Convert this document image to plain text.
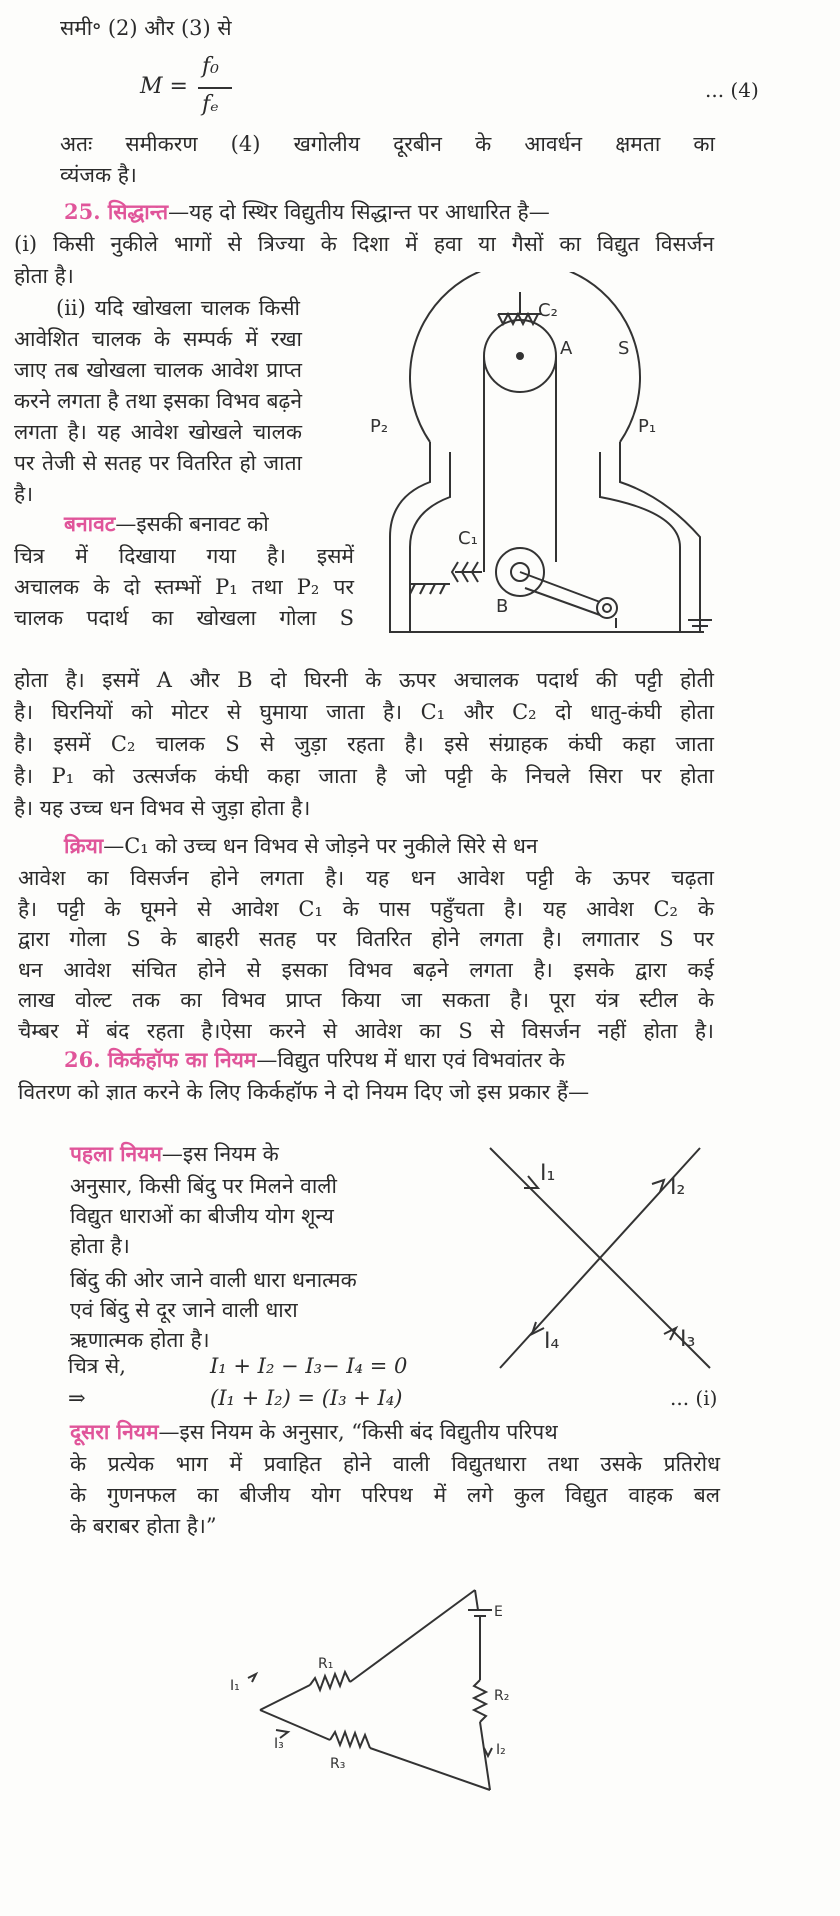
समी॰ (2) और (3) से
M =
f₀
fₑ
... (4)
अतः समीकरण (4) खगोलीय दूरबीन के आवर्धन क्षमता का
व्यंजक है।
25. सिद्धान्त—यह दो स्थिर विद्युतीय सिद्धान्त पर आधारित है—
(i) किसी नुकीले भागों से त्रिज्या के दिशा में हवा या गैसों का विद्युत विसर्जन
होता है।
(ii) यदि खोखला चालक किसी
आवेशित चालक के सम्पर्क में रखा
जाए तब खोखला चालक आवेश प्राप्त
करने लगता है तथा इसका विभव बढ़ने
लगता है। यह आवेश खोखले चालक
पर तेजी से सतह पर वितरित हो जाता
है।
बनावट—इसकी बनावट को
चित्र में दिखाया गया है। इसमें
अचालक के दो स्तम्भों P₁ तथा P₂ पर
चालक पदार्थ का खोखला गोला S
होता है। इसमें A और B दो घिरनी के ऊपर अचालक पदार्थ की पट्टी होती
है। घिरनियों को मोटर से घुमाया जाता है। C₁ और C₂ दो धातु-कंघी होता
है। इसमें C₂ चालक S से जुड़ा रहता है। इसे संग्राहक कंघी कहा जाता
है। P₁ को उत्सर्जक कंघी कहा जाता है जो पट्टी के निचले सिरा पर होता
है। यह उच्च धन विभव से जुड़ा होता है।
क्रिया—C₁ को उच्च धन विभव से जोड़ने पर नुकीले सिरे से धन
आवेश का विसर्जन होने लगता है। यह धन आवेश पट्टी के ऊपर चढ़ता
है। पट्टी के घूमने से आवेश C₁ के पास पहुँचता है। यह आवेश C₂ के
द्वारा गोला S के बाहरी सतह पर वितरित होने लगता है। लगातार S पर
धन आवेश संचित होने से इसका विभव बढ़ने लगता है। इसके द्वारा कई
लाख वोल्ट तक का विभव प्राप्त किया जा सकता है। पूरा यंत्र स्टील के
चैम्बर में बंद रहता है।ऐसा करने से आवेश का S से विसर्जन नहीं होता है।
C₂
A	S
P₁
P₂
C₁
B
26. किर्कहॉफ का नियम—विद्युत परिपथ में धारा एवं विभवांतर के
वितरण को ज्ञात करने के लिए किर्कहॉफ ने दो नियम दिए जो इस प्रकार हैं—
पहला नियम—इस नियम के
अनुसार, किसी बिंदु पर मिलने वाली
विद्युत धाराओं का बीजीय योग शून्य
होता है।
बिंदु की ओर जाने वाली धारा धनात्मक
एवं बिंदु से दूर जाने वाली धारा
ऋणात्मक होता है।
चित्र से,	I₁ + I₂ − I₃− I₄ = 0
⇒	(I₁ + I₂) = (I₃ + I₄)	... (i)
I₁
I₂
I₃
I₄
दूसरा नियम—इस नियम के अनुसार, “किसी बंद विद्युतीय परिपथ
के प्रत्येक भाग में प्रवाहित होने वाली विद्युतधारा तथा उसके प्रतिरोध
के गुणनफल का बीजीय योग परिपथ में लगे कुल विद्युत वाहक बल
के बराबर होता है।”
E
R₁
R₂
R₃
I₁
I₂
I₃
